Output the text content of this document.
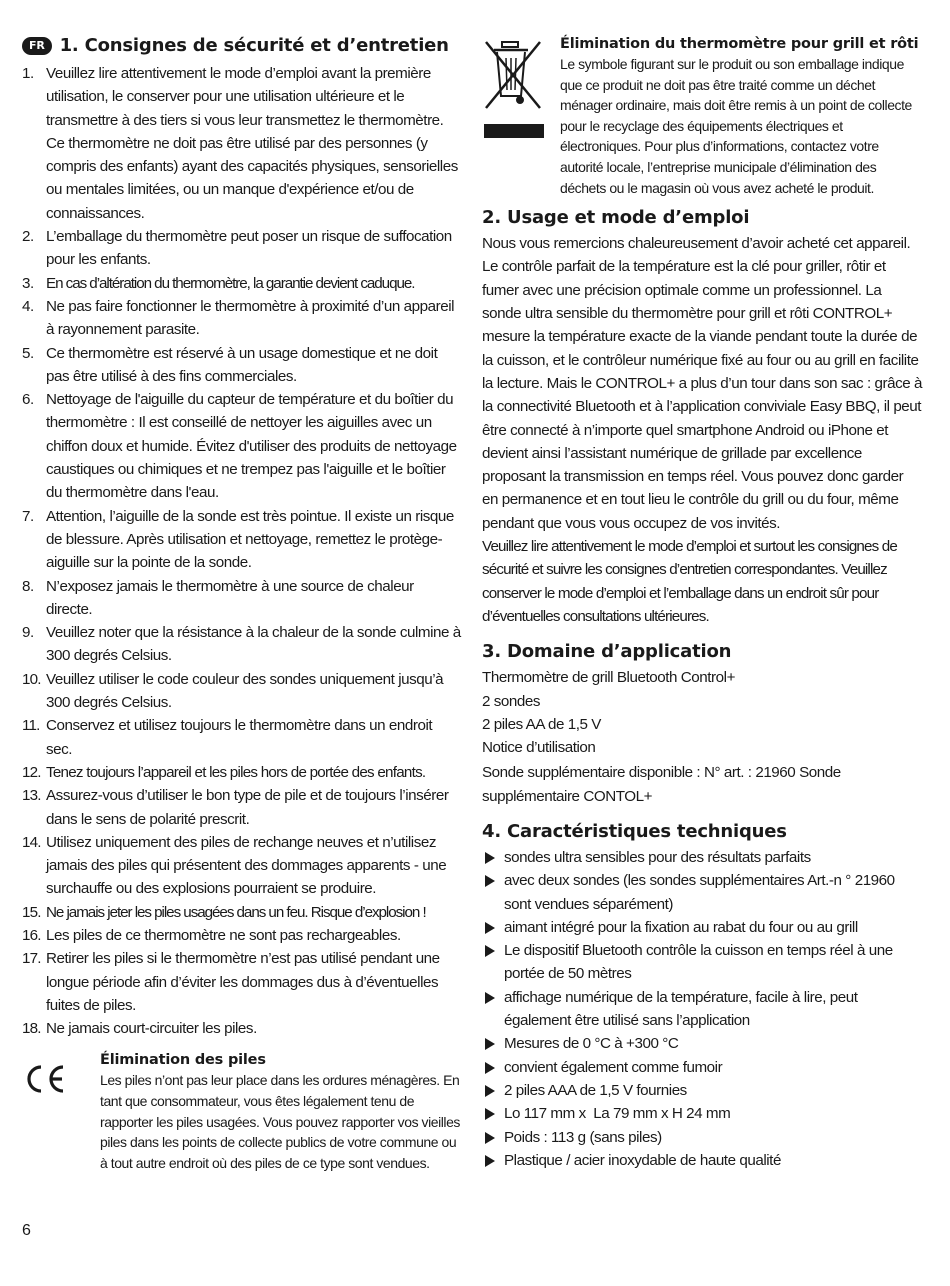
FR 1. Consignes de sécurité et d’entretien
1. Veuillez lire attentivement le mode d’emploi avant la première utilisation, le conserver pour une utilisation ultérieure et le transmettre à des tiers si vous leur transmettez le thermomètre. Ce thermomètre ne doit pas être utilisé par des personnes (y compris des enfants) ayant des capacités physiques, sensorielles ou mentales limitées, ou un manque d'expérience et/ou de connaissances.
2. L’emballage du thermomètre peut poser un risque de suffocation pour les enfants.
3. En cas d’altération du thermomètre, la garantie devient caduque.
4. Ne pas faire fonctionner le thermomètre à proximité d’un appareil à rayonnement parasite.
5. Ce thermomètre est réservé à un usage domestique et ne doit pas être utilisé à des fins commerciales.
6. Nettoyage de l'aiguille du capteur de température et du boîtier du thermomètre : Il est conseillé de nettoyer les aiguilles avec un chiffon doux et humide. Évitez d'utiliser des produits de nettoyage caustiques ou chimiques et ne trempez pas l'aiguille et le boîtier du thermomètre dans l'eau.
7. Attention, l’aiguille de la sonde est très pointue. Il existe un risque de blessure. Après utilisation et nettoyage, remettez le protège-aiguille sur la pointe de la sonde.
8. N’exposez jamais le thermomètre à une source de chaleur directe.
9. Veuillez noter que la résistance à la chaleur de la sonde culmine à 300 degrés Celsius.
10. Veuillez utiliser le code couleur des sondes uniquement jusqu’à 300 degrés Celsius.
11. Conservez et utilisez toujours le thermomètre dans un endroit sec.
12. Tenez toujours l’appareil et les piles hors de portée des enfants.
13. Assurez-vous d’utiliser le bon type de pile et de toujours l’insérer dans le sens de polarité prescrit.
14. Utilisez uniquement des piles de rechange neuves et n’utilisez jamais des piles qui présentent des dommages apparents - une surchauffe ou des explosions pourraient se produire.
15. Ne jamais jeter les piles usagées dans un feu. Risque d’explosion !
16. Les piles de ce thermomètre ne sont pas rechargeables.
17. Retirer les piles si le thermomètre n’est pas utilisé pendant une longue période afin d’éviter les dommages dus à d’éventuelles fuites de piles.
18. Ne jamais court-circuiter les piles.
Élimination des piles

Les piles n’ont pas leur place dans les ordures ménagères. En tant que consommateur, vous êtes légalement tenu de rapporter les piles usagées. Vous pouvez rapporter vos vieilles piles dans les points de collecte publics de votre commune ou à tout autre endroit où des piles de ce type sont vendues.

Élimination du thermomètre pour grill et rôti

Le symbole figurant sur le produit ou son emballage indique que ce produit ne doit pas être traité comme un déchet ménager ordinaire, mais doit être remis à un point de collecte pour le recyclage des équipements électriques et électroniques. Pour plus d’informations, contactez votre autorité locale, l’entreprise municipale d’élimination des déchets ou le magasin où vous avez acheté le produit.

2. Usage et mode d’emploi

Nous vous remercions chaleureusement d’avoir acheté cet appareil. Le contrôle parfait de la température est la clé pour griller, rôtir et fumer avec une précision optimale comme un professionnel. La sonde ultra sensible du thermomètre pour grill et rôti CONTROL+ mesure la température exacte de la viande pendant toute la durée de la cuisson, et le contrôleur numérique fixé au four ou au grill en facilite la lecture. Mais le CONTROL+ a plus d’un tour dans son sac : grâce à la connectivité Bluetooth et à l’application conviviale Easy BBQ, il peut être connecté à n’importe quel smartphone Android ou iPhone et devient ainsi l’assistant numérique de grillade par excellence proposant la transmission en temps réel. Vous pouvez donc garder en permanence et en tout lieu le contrôle du grill ou du four, même pendant que vous vous occupez de vos invités.

Veuillez lire attentivement le mode d’emploi et surtout les consignes de sécurité et suivre les consignes d’entretien correspondantes. Veuillez conserver le mode d’emploi et l’emballage dans un endroit sûr pour d’éventuelles consultations ultérieures.

3. Domaine d’application
Thermomètre de grill Bluetooth Control+
2 sondes
2 piles AA de 1,5 V
Notice d’utilisation
Sonde supplémentaire disponible : N° art. : 21960 Sonde supplémentaire CONTOL+
4. Caractéristiques techniques
sondes ultra sensibles pour des résultats parfaits
avec deux sondes (les sondes supplémentaires Art.-n ° 21960 sont vendues séparément)
aimant intégré pour la fixation au rabat du four ou au grill
Le dispositif Bluetooth contrôle la cuisson en temps réel à une portée de 50 mètres
affichage numérique de la température, facile à lire, peut également être utilisé sans l’application
Mesures de 0 °C à +300 °C
convient également comme fumoir
2 piles AAA de 1,5 V fournies
Lo 117 mm x  La 79 mm x H 24 mm
Poids : 113 g (sans piles)
Plastique / acier inoxydable de haute qualité
6
